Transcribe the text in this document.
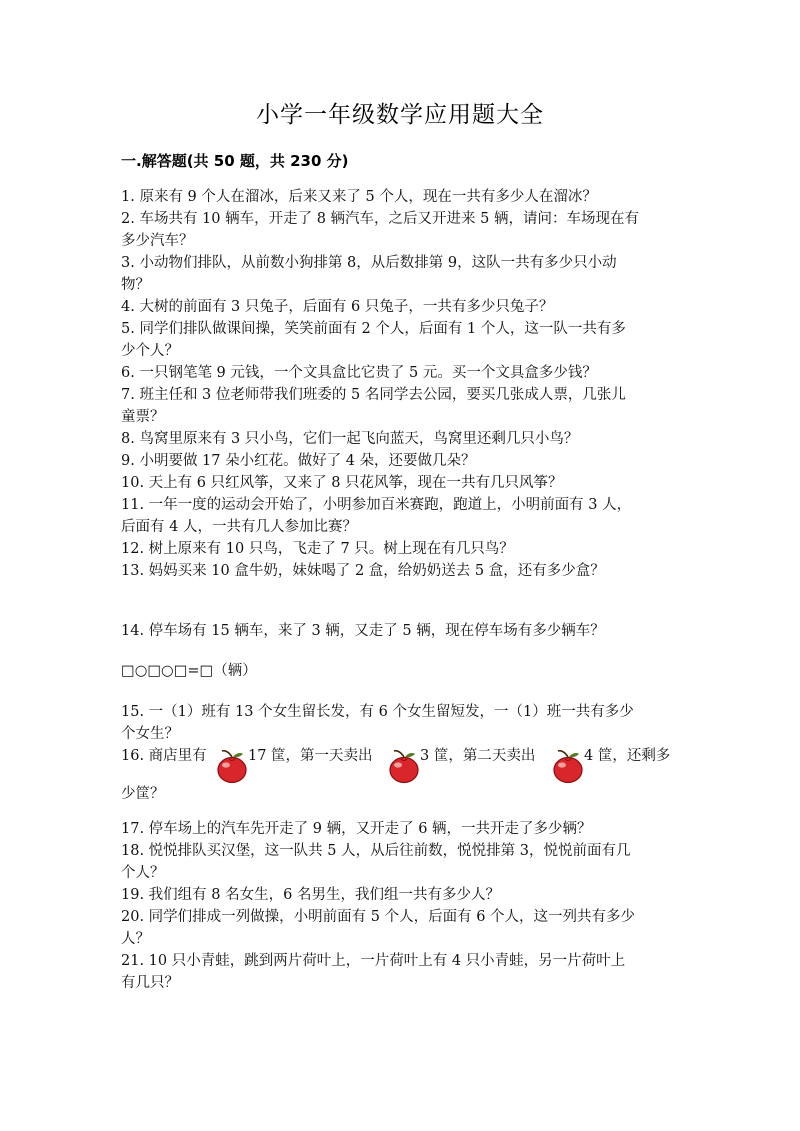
小学一年级数学应用题大全
一.解答题(共 50 题，共 230 分)
1. 原来有 9 个人在溜冰，后来又来了 5 个人，现在一共有多少人在溜冰？
2. 车场共有 10 辆车，开走了 8 辆汽车，之后又开进来 5 辆，请问：车场现在有
多少汽车？
3. 小动物们排队，从前数小狗排第 8，从后数排第 9，这队一共有多少只小动
物？
4. 大树的前面有 3 只兔子，后面有 6 只兔子，一共有多少只兔子？
5. 同学们排队做课间操，笑笑前面有 2 个人，后面有 1 个人，这一队一共有多
少个人？
6. 一只钢笔笔 9 元钱，一个文具盒比它贵了 5 元。买一个文具盒多少钱？
7. 班主任和 3 位老师带我们班委的 5 名同学去公园，要买几张成人票，几张儿
童票？
8. 鸟窝里原来有 3 只小鸟，它们一起飞向蓝天，鸟窝里还剩几只小鸟？
9. 小明要做 17 朵小红花。做好了 4 朵，还要做几朵？
10. 天上有 6 只红风筝，又来了 8 只花风筝，现在一共有几只风筝？
11. 一年一度的运动会开始了，小明参加百米赛跑，跑道上，小明前面有 3 人，
后面有 4 人，一共有几人参加比赛？
12. 树上原来有 10 只鸟，飞走了 7 只。树上现在有几只鸟？
13. 妈妈买来 10 盒牛奶，妹妹喝了 2 盒，给奶奶送去 5 盒，还有多少盒？
14. 停车场有 15 辆车，来了 3 辆，又走了 5 辆，现在停车场有多少辆车？
□○□○□=□（辆）
15. 一（1）班有 13 个女生留长发，有 6 个女生留短发，一（1）班一共有多少
个女生？
16. 商店里有	17 筐，第一天卖出	3 筐，第二天卖出	4 筐，还剩多
少筐？
17. 停车场上的汽车先开走了 9 辆，又开走了 6 辆，一共开走了多少辆？
18. 悦悦排队买汉堡，这一队共 5 人，从后往前数，悦悦排第 3，悦悦前面有几
个人？
19. 我们组有 8 名女生，6 名男生，我们组一共有多少人？
20. 同学们排成一列做操，小明前面有 5 个人，后面有 6 个人，这一列共有多少
人？
21. 10 只小青蛙，跳到两片荷叶上，一片荷叶上有 4 只小青蛙，另一片荷叶上
有几只？
